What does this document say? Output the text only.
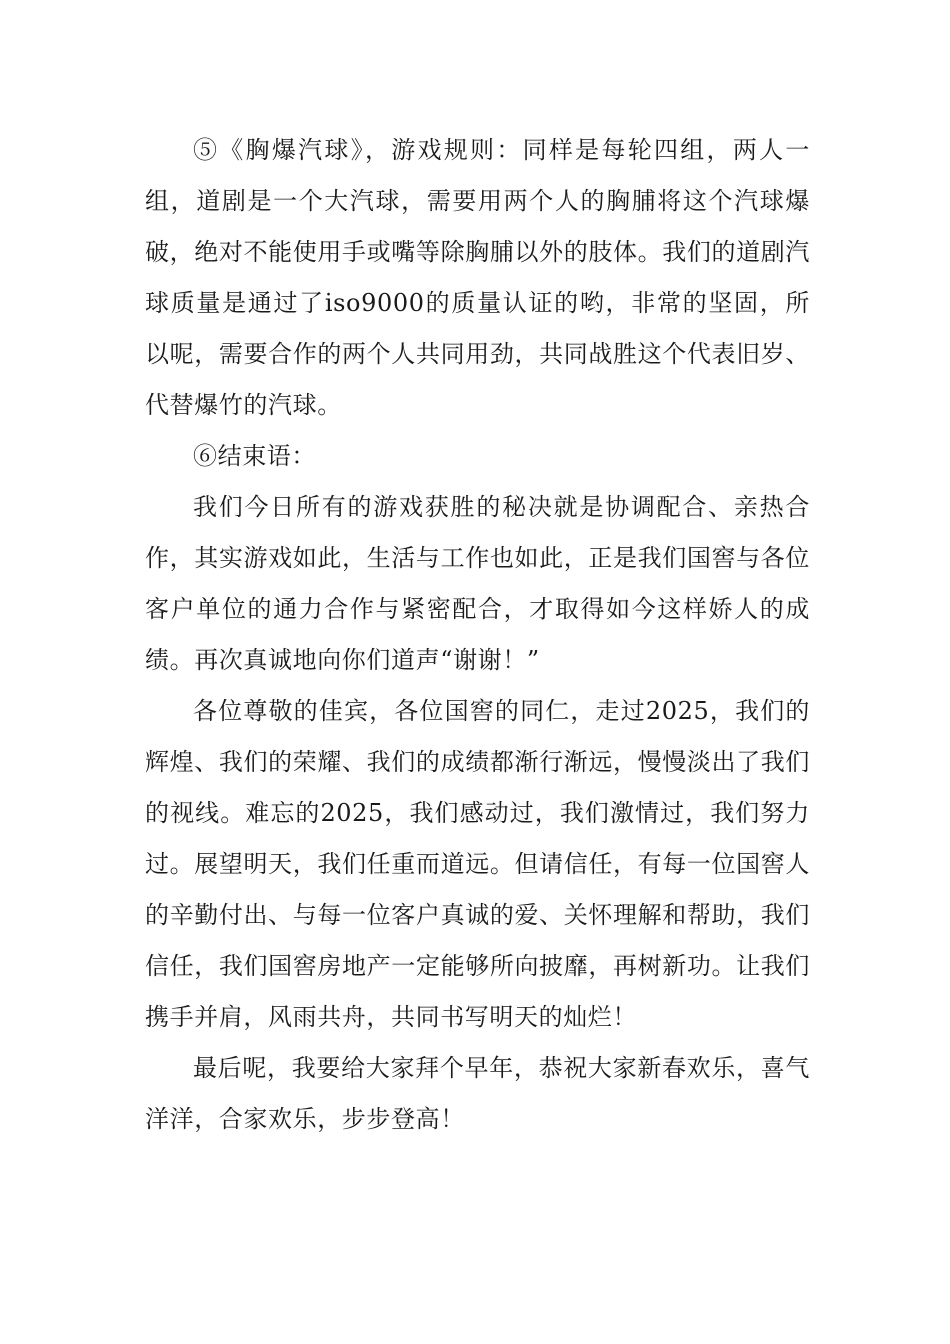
⑤《胸爆汽球》，游戏规则：同样是每轮四组，两人一组，道剧是一个大汽球，需要用两个人的胸脯将这个汽球爆破，绝对不能使用手或嘴等除胸脯以外的肢体。我们的道剧汽球质量是通过了iso9000的质量认证的哟，非常的坚固，所以呢，需要合作的两个人共同用劲，共同战胜这个代表旧岁、代替爆竹的汽球。

⑥结束语：

我们今日所有的游戏获胜的秘决就是协调配合、亲热合作，其实游戏如此，生活与工作也如此，正是我们国窖与各位客户单位的通力合作与紧密配合，才取得如今这样娇人的成绩。再次真诚地向你们道声“谢谢！”

各位尊敬的佳宾，各位国窖的同仁，走过2025，我们的辉煌、我们的荣耀、我们的成绩都渐行渐远，慢慢淡出了我们的视线。难忘的2025，我们感动过，我们激情过，我们努力过。展望明天，我们任重而道远。但请信任，有每一位国窖人的辛勤付出、与每一位客户真诚的爱、关怀理解和帮助，我们信任，我们国窖房地产一定能够所向披靡，再树新功。让我们携手并肩，风雨共舟，共同书写明天的灿烂！

最后呢，我要给大家拜个早年，恭祝大家新春欢乐，喜气洋洋，合家欢乐，步步登高！
